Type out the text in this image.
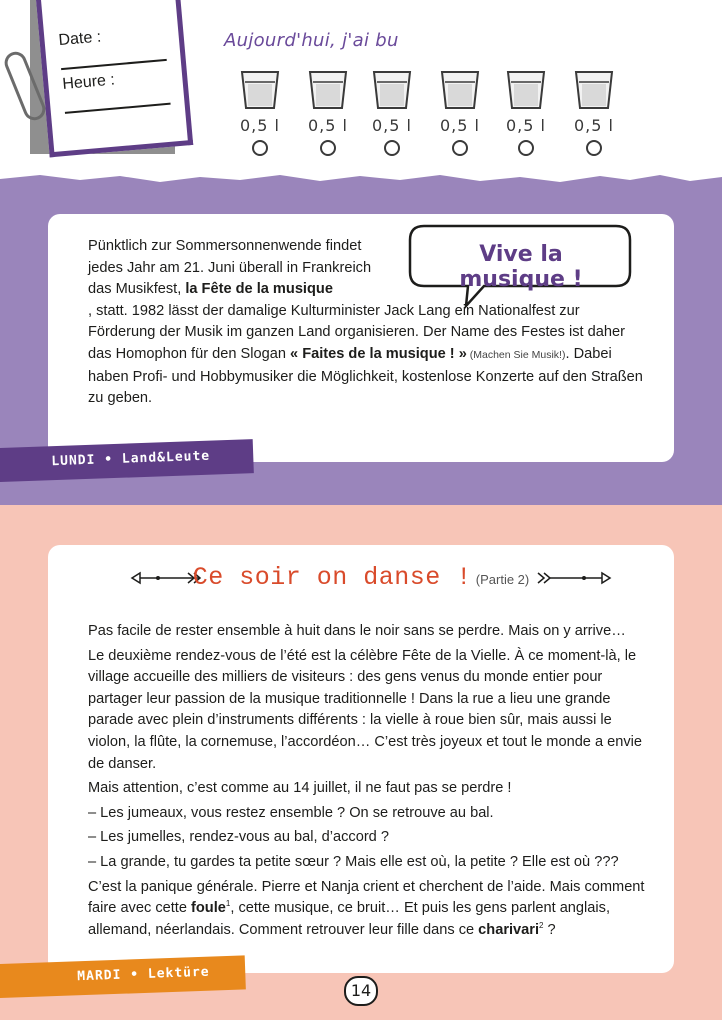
Date :
Heure :
Aujourd'hui, j'ai bu
0,5 l 0,5 l 0,5 l 0,5 l 0,5 l 0,5 l
Vive la musique !
Pünktlich zur Sommersonnenwende findet jedes Jahr am 21. Juni überall in Frankreich das Musikfest, la Fête de la musique
, statt. 1982 lässt der damalige Kulturminister Jack Lang ein Nationalfest zur Förderung der Musik im ganzen Land organisieren. Der Name des Festes ist daher das Homophon für den Slogan « Faites de la musique ! » (Machen Sie Musik!). Dabei haben Profi- und Hobbymusiker die Möglichkeit, kostenlose Konzerte auf den Straßen zu geben.
LUNDI • Land&Leute
Ce soir on danse ! (Partie 2)

Pas facile de rester ensemble à huit dans le noir sans se perdre. Mais on y arrive…

Le deuxième rendez-vous de l’été est la célèbre Fête de la Vielle. À ce moment-là, le village accueille des milliers de visiteurs : des gens venus du monde entier pour partager leur passion de la musique traditionnelle ! Dans la rue a lieu une grande parade avec plein d’instruments différents : la vielle à roue bien sûr, mais aussi le violon, la flûte, la cornemuse, l’accordéon… C’est très joyeux et tout le monde a envie de danser.

Mais attention, c’est comme au 14 juillet, il ne faut pas se perdre !

– Les jumeaux, vous restez ensemble ? On se retrouve au bal.

– Les jumelles, rendez-vous au bal, d’accord ?

– La grande, tu gardes ta petite sœur ? Mais elle est où, la petite ? Elle est où ???

C’est la panique générale. Pierre et Nanja crient et cherchent de l’aide. Mais comment faire avec cette foule$^1$, cette musique, ce bruit… Et puis les gens parlent anglais, allemand, néerlandais. Comment retrouver leur fille dans ce charivari$^2$ ?

MARDI • Lektüre
14
